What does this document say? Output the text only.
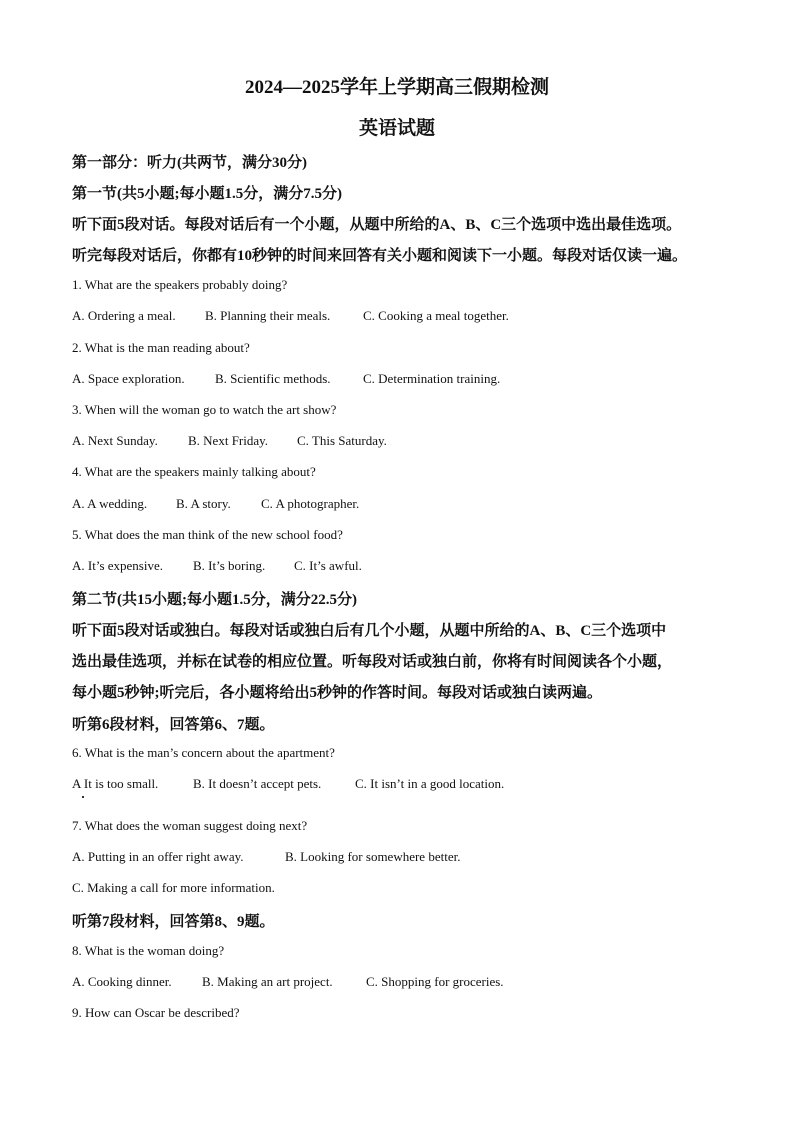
2024—2025学年上学期高三假期检测
英语试题
第一部分：听力(共两节，满分30分)
第一节(共5小题;每小题1.5分，满分7.5分)
听下面5段对话。每段对话后有一个小题，从题中所给的A、B、C三个选项中选出最佳选项。
听完每段对话后，你都有10秒钟的时间来回答有关小题和阅读下一小题。每段对话仅读一遍。
1. What are the speakers probably doing?
A. Ordering a meal. B. Planning their meals.	C. Cooking a meal together.
2. What is the man reading about?
A. Space exploration. B. Scientific methods. C. Determination training.
3. When will the woman go to watch the art show?
A. Next Sunday. B. Next Friday. C. This Saturday.
4. What are the speakers mainly talking about?
A. A wedding. B. A story. C. A photographer.
5. What does the man think of the new school food?
A. It’s expensive. B. It’s boring. C. It’s awful.
第二节(共15小题;每小题1.5分，满分22.5分)
听下面5段对话或独白。每段对话或独白后有几个小题，从题中所给的A、B、C三个选项中
选出最佳选项，并标在试卷的相应位置。听每段对话或独白前，你将有时间阅读各个小题，
每小题5秒钟;听完后，各小题将给出5秒钟的作答时间。每段对话或独白读两遍。
听第6段材料，回答第6、7题。
6. What is the man’s concern about the apartment?
A It is too small.	B. It doesn’t accept pets.	C. It isn’t in a good location.
7. What does the woman suggest doing next?
A. Putting in an offer right away.	B. Looking for somewhere better.
C. Making a call for more information.
听第7段材料，回答第8、9题。
8. What is the woman doing?
A. Cooking dinner. B. Making an art project.	C. Shopping for groceries.
9. How can Oscar be described?
